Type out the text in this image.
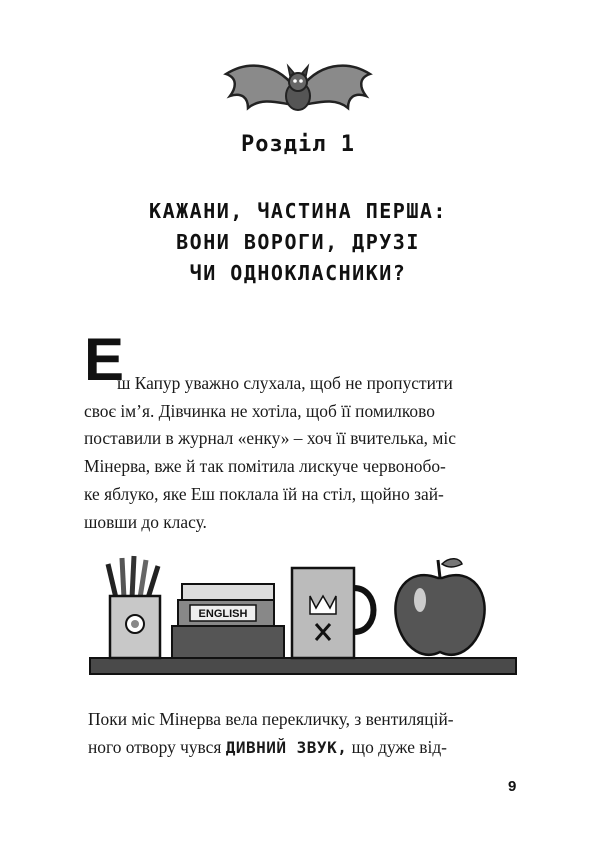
Розділ 1
КАЖАНИ, ЧАСТИНА ПЕРША:
ВОНИ ВОРОГИ, ДРУЗІ
ЧИ ОДНОКЛАСНИКИ?
Е
ш Капур уважно слухала, щоб не пропустити
своє ім’я. Дівчинка не хотіла, щоб її помилково
поставили в журнал «енку» – хоч її вчителька, міс
Мінерва, вже й так помітила лискуче червонобо-
ке яблуко, яке Еш поклала їй на стіл, щойно зай-
шовши до класу.
ENGLISH
Поки міс Мінерва вела перекличку, з вентиляцій-
ного отвору чувся ДИВНИЙ ЗВУК, що дуже від-
9
